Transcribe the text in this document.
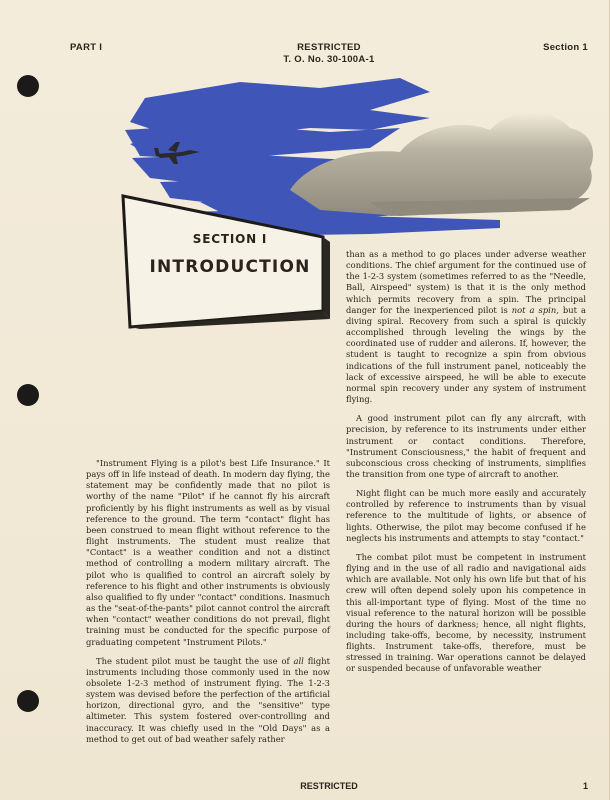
PART I	RESTRICTED
T. O. No. 30-100A-1
Section 1
SECTION I
INTRODUCTION

"Instrument Flying is a pilot's best Life Insurance." It pays off in life instead of death. In modern day flying, the statement may be confidently made that no pilot is worthy of the name "Pilot" if he cannot fly his aircraft proficiently by his flight instruments as well as by visual reference to the ground. The term "contact" flight has been construed to mean flight without reference to the flight instruments. The student must realize that "Contact" is a weather condition and not a distinct method of controlling a modern military aircraft. The pilot who is qualified to control an aircraft solely by reference to his flight and other instruments is obviously also qualified to fly under "contact" conditions. Inasmuch as the "seat-of-the-pants" pilot cannot control the aircraft when "contact" weather conditions do not prevail, flight training must be conducted for the specific purpose of graduating competent "Instrument Pilots."

The student pilot must be taught the use of all flight instruments including those commonly used in the now obsolete 1-2-3 method of instrument flying. The 1-2-3 system was devised before the perfection of the artificial horizon, directional gyro, and the "sensitive" type altimeter. This system fostered over-controlling and inaccuracy. It was chiefly used in the "Old Days" as a method to get out of bad weather safely rather

than as a method to go places under adverse weather conditions. The chief argument for the continued use of the 1-2-3 system (sometimes referred to as the "Needle, Ball, Airspeed" system) is that it is the only method which permits recovery from a spin. The principal danger for the inexperienced pilot is not a spin, but a diving spiral. Recovery from such a spiral is quickly accomplished through leveling the wings by the coordinated use of rudder and ailerons. If, however, the student is taught to recognize a spin from obvious indications of the full instrument panel, noticeably the lack of excessive airspeed, he will be able to execute normal spin recovery under any system of instrument flying.

A good instrument pilot can fly any aircraft, with precision, by reference to its instruments under either instrument or contact conditions. Therefore, "Instrument Consciousness," the habit of frequent and subconscious cross checking of instruments, simplifies the transition from one type of aircraft to another.

Night flight can be much more easily and accurately controlled by reference to instruments than by visual reference to the multitude of lights, or absence of lights. Otherwise, the pilot may become confused if he neglects his instruments and attempts to stay "contact."

The combat pilot must be competent in instrument flying and in the use of all radio and navigational aids which are available. Not only his own life but that of his crew will often depend solely upon his competence in this all-important type of flying. Most of the time no visual reference to the natural horizon will be possible during the hours of darkness; hence, all night flights, including take-offs, become, by necessity, instrument flights. Instrument take-offs, therefore, must be stressed in training. War operations cannot be delayed or suspended because of unfavorable weather

RESTRICTED	1
